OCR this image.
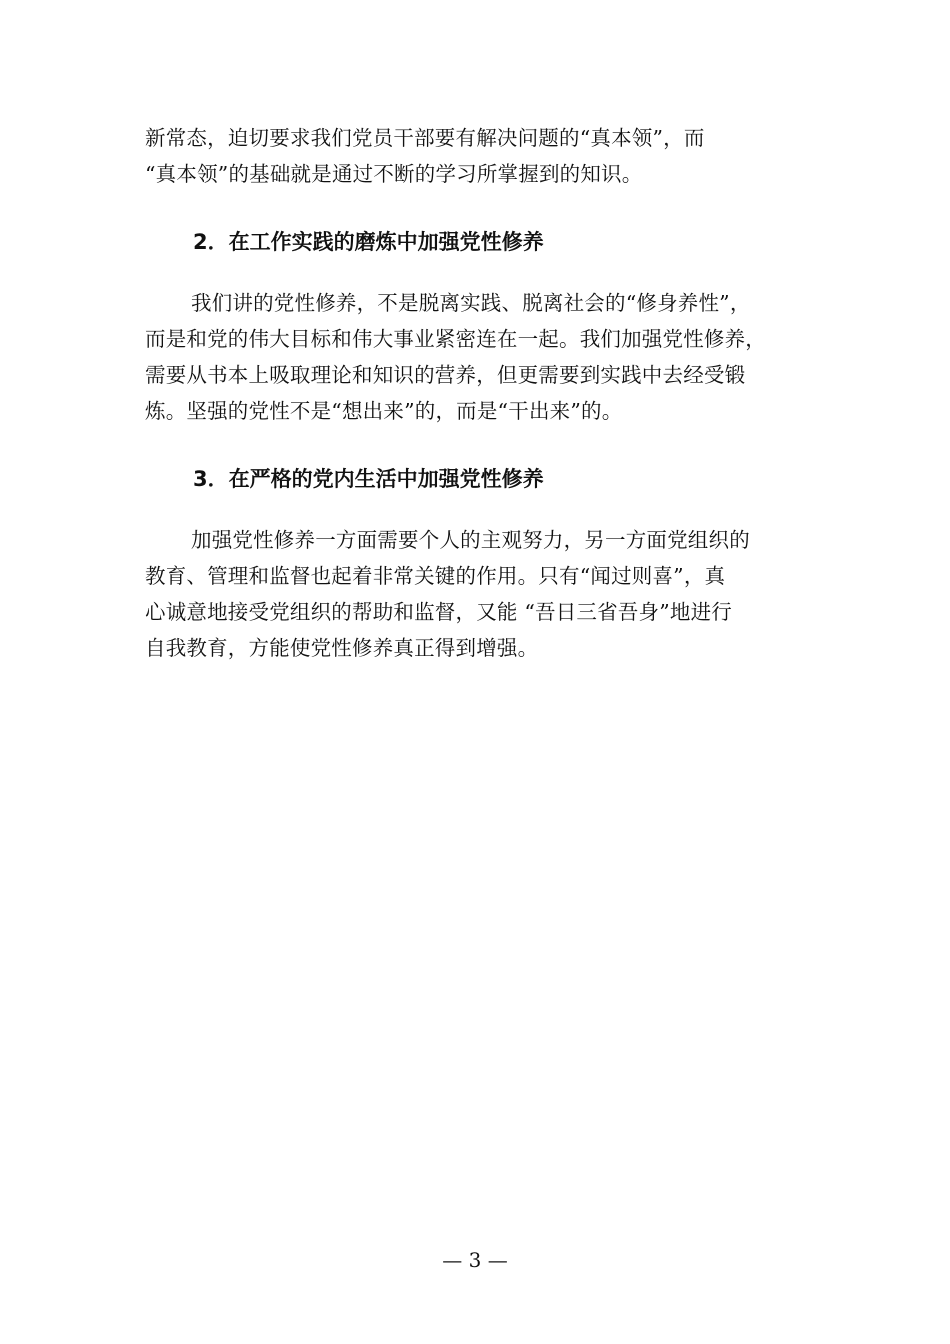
新常态，迫切要求我们党员干部要有解决问题的“真本领”，而
“真本领”的基础就是通过不断的学习所掌握到的知识。
2．在工作实践的磨炼中加强党性修养
我们讲的党性修养，不是脱离实践、脱离社会的“修身养性”，
而是和党的伟大目标和伟大事业紧密连在一起。我们加强党性修养，
需要从书本上吸取理论和知识的营养，但更需要到实践中去经受锻
炼。坚强的党性不是“想出来”的，而是“干出来”的。
3．在严格的党内生活中加强党性修养
加强党性修养一方面需要个人的主观努力，另一方面党组织的
教育、管理和监督也起着非常关键的作用。只有“闻过则喜”，真
心诚意地接受党组织的帮助和监督，又能 “吾日三省吾身”地进行
自我教育，方能使党性修养真正得到增强。
— 3 —
